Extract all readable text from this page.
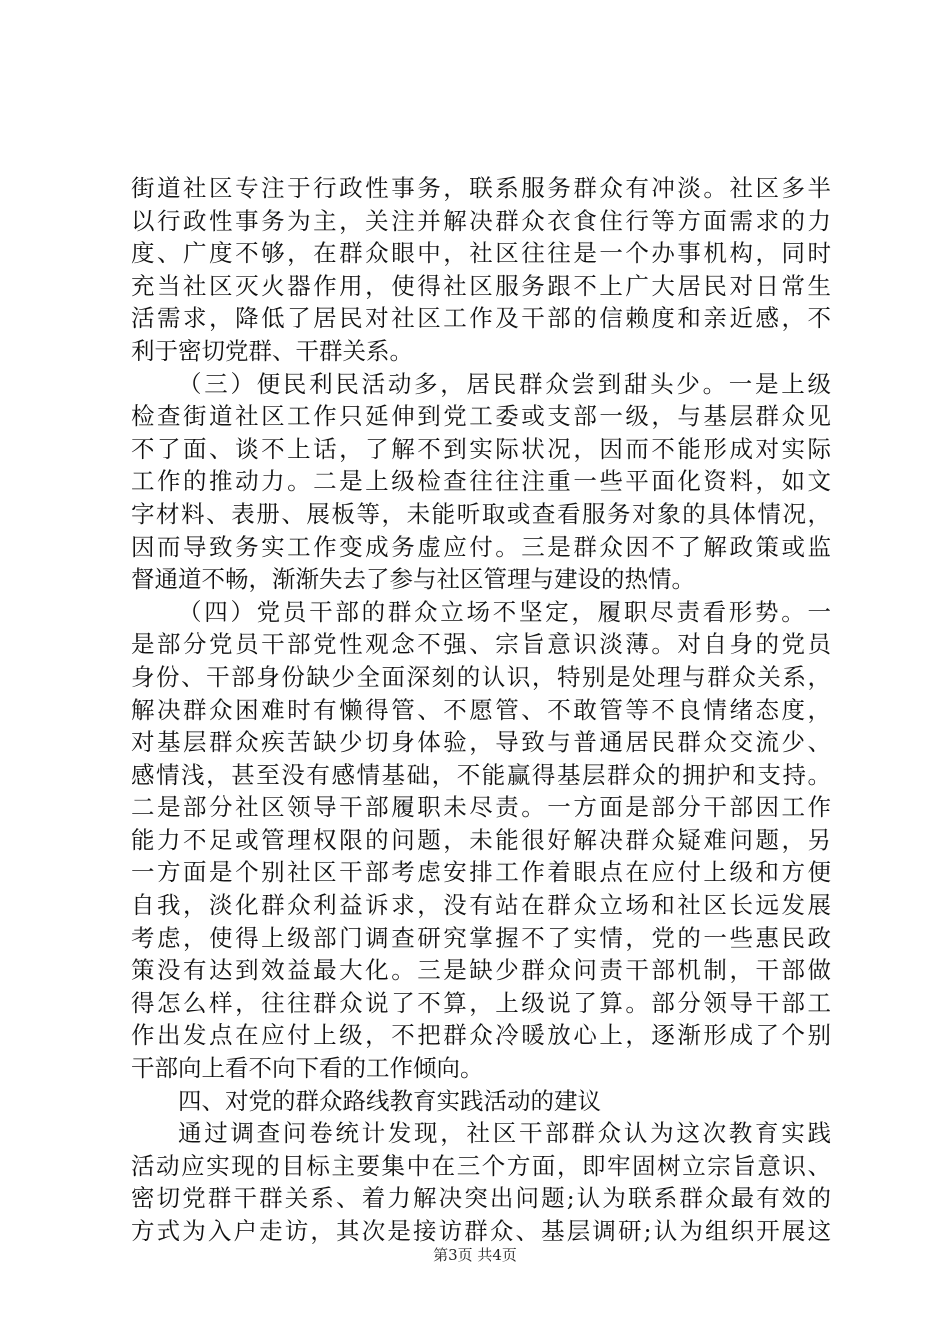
街道社区专注于行政性事务，联系服务群众有冲淡。社区多半
以行政性事务为主，关注并解决群众衣食住行等方面需求的力
度、广度不够，在群众眼中，社区往往是一个办事机构，同时
充当社区灭火器作用，使得社区服务跟不上广大居民对日常生
活需求，降低了居民对社区工作及干部的信赖度和亲近感，不
利于密切党群、干群关系。
（三）便民利民活动多，居民群众尝到甜头少。一是上级
检查街道社区工作只延伸到党工委或支部一级，与基层群众见
不了面、谈不上话，了解不到实际状况，因而不能形成对实际
工作的推动力。二是上级检查往往注重一些平面化资料，如文
字材料、表册、展板等，未能听取或查看服务对象的具体情况，
因而导致务实工作变成务虚应付。三是群众因不了解政策或监
督通道不畅，渐渐失去了参与社区管理与建设的热情。
（四）党员干部的群众立场不坚定，履职尽责看形势。一
是部分党员干部党性观念不强、宗旨意识淡薄。对自身的党员
身份、干部身份缺少全面深刻的认识，特别是处理与群众关系，
解决群众困难时有懒得管、不愿管、不敢管等不良情绪态度，
对基层群众疾苦缺少切身体验，导致与普通居民群众交流少、
感情浅，甚至没有感情基础，不能赢得基层群众的拥护和支持。
二是部分社区领导干部履职未尽责。一方面是部分干部因工作
能力不足或管理权限的问题，未能很好解决群众疑难问题，另
一方面是个别社区干部考虑安排工作着眼点在应付上级和方便
自我，淡化群众利益诉求，没有站在群众立场和社区长远发展
考虑，使得上级部门调查研究掌握不了实情，党的一些惠民政
策没有达到效益最大化。三是缺少群众问责干部机制，干部做
得怎么样，往往群众说了不算，上级说了算。部分领导干部工
作出发点在应付上级，不把群众冷暖放心上，逐渐形成了个别
干部向上看不向下看的工作倾向。
四、对党的群众路线教育实践活动的建议
通过调查问卷统计发现，社区干部群众认为这次教育实践
活动应实现的目标主要集中在三个方面，即牢固树立宗旨意识、
密切党群干群关系、着力解决突出问题;认为联系群众最有效的
方式为入户走访，其次是接访群众、基层调研;认为组织开展这
第3页 共4页
